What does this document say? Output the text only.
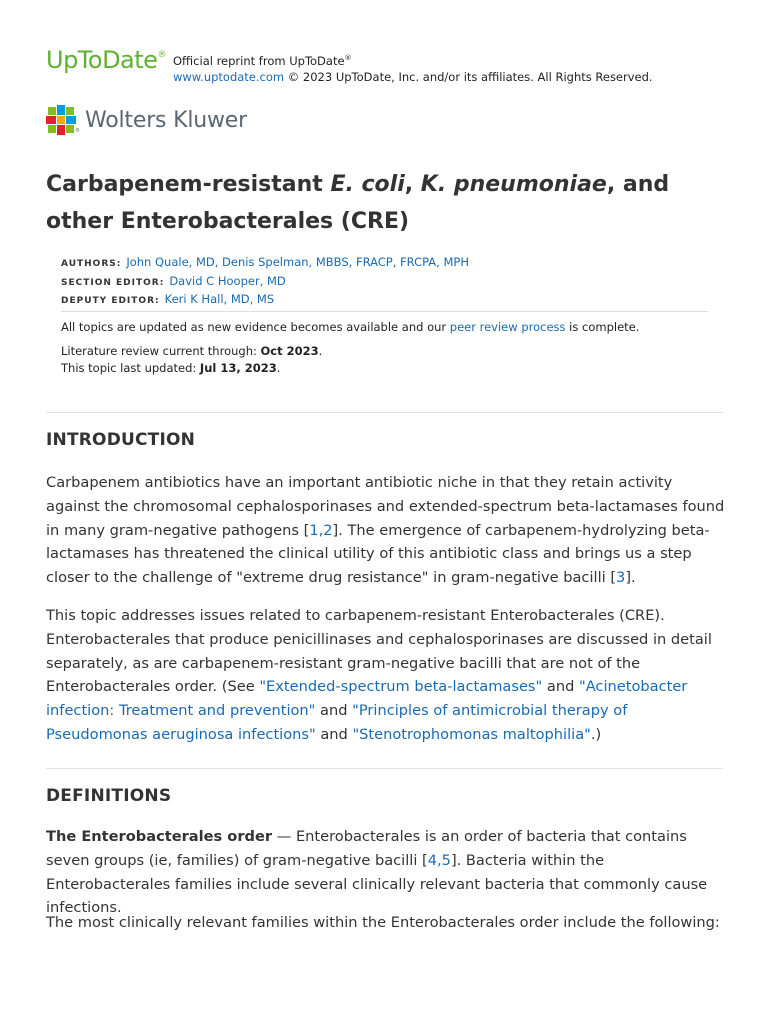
UpToDate® Official reprint from UpToDate®
www.uptodate.com © 2023 UpToDate, Inc. and/or its affiliates. All Rights Reserved.
® Wolters Kluwer
Carbapenem-resistant E. coli, K. pneumoniae, and other Enterobacterales (CRE)
AUTHORS: John Quale, MD, Denis Spelman, MBBS, FRACP, FRCPA, MPH
SECTION EDITOR: David C Hooper, MD
DEPUTY EDITOR: Keri K Hall, MD, MS
All topics are updated as new evidence becomes available and our peer review process is complete.
Literature review current through: Oct 2023.
This topic last updated: Jul 13, 2023.
INTRODUCTION

Carbapenem antibiotics have an important antibiotic niche in that they retain activity against the chromosomal cephalosporinases and extended-spectrum beta-lactamases found in many gram-negative pathogens [1,2]. The emergence of carbapenem-hydrolyzing beta-lactamases has threatened the clinical utility of this antibiotic class and brings us a step closer to the challenge of "extreme drug resistance" in gram-negative bacilli [3].

This topic addresses issues related to carbapenem-resistant Enterobacterales (CRE). Enterobacterales that produce penicillinases and cephalosporinases are discussed in detail separately, as are carbapenem-resistant gram-negative bacilli that are not of the Enterobacterales order. (See "Extended-spectrum beta-lactamases" and "Acinetobacter infection: Treatment and prevention" and "Principles of antimicrobial therapy of Pseudomonas aeruginosa infections" and "Stenotrophomonas maltophilia".)

DEFINITIONS

The Enterobacterales order — Enterobacterales is an order of bacteria that contains seven groups (ie, families) of gram-negative bacilli [4,5]. Bacteria within the Enterobacterales families include several clinically relevant bacteria that commonly cause infections.

The most clinically relevant families within the Enterobacterales order include the following:
